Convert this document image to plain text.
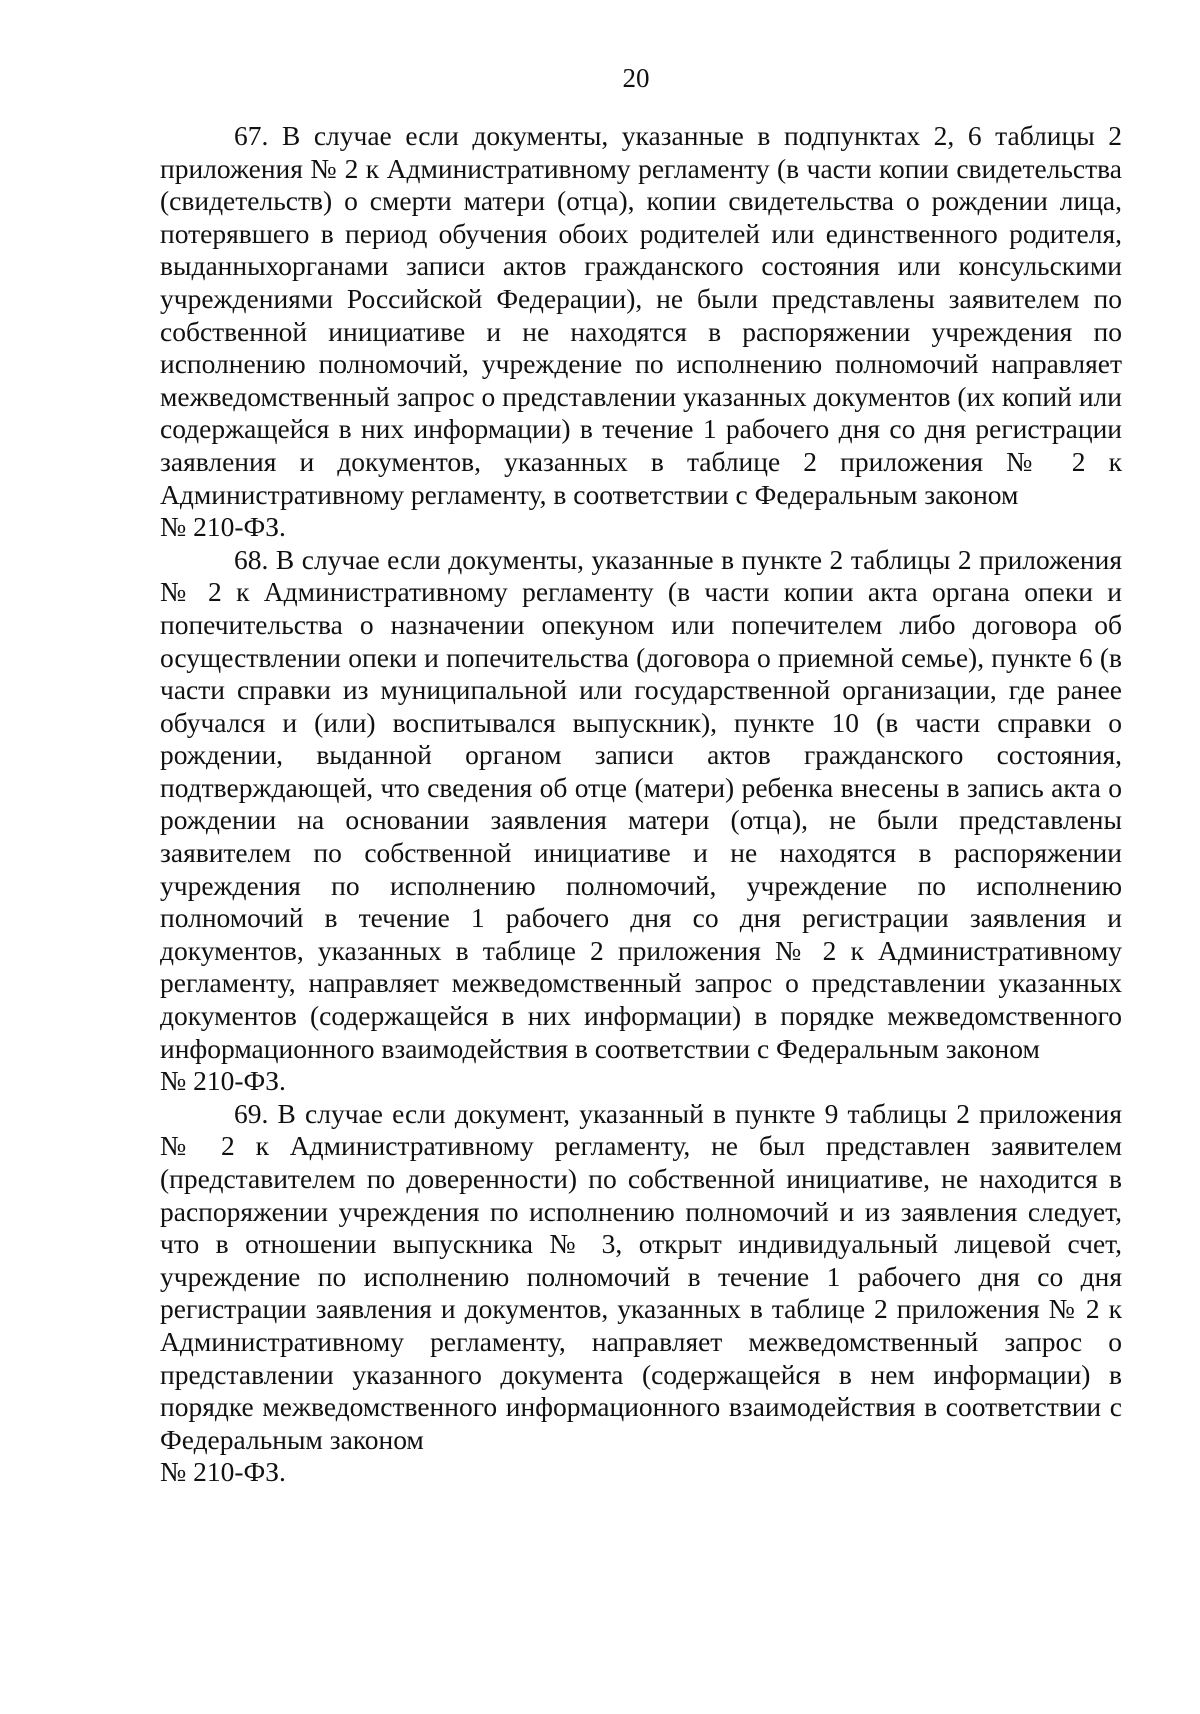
20

67. В случае если документы, указанные в подпунктах 2, 6 таблицы 2 приложения № 2 к Административному регламенту (в части копии свидетельства (свидетельств) о смерти матери (отца), копии свидетельства о рождении лица, потерявшего в период обучения обоих родителей или единственного родителя, выданныхорганами записи актов гражданского состояния или консульскими учреждениями Российской Федерации), не были представлены заявителем по собственной инициативе и не находятся в распоряжении учреждения по исполнению полномочий, учреждение по исполнению полномочий направляет межведомственный запрос о представлении указанных документов (их копий или содержащейся в них информации) в течение 1 рабочего дня со дня регистрации заявления и документов, указанных в таблице 2 приложения № 2 к Административному регламенту, в соответствии с Федеральным законом
№ 210-ФЗ.

68. В случае если документы, указанные в пункте 2 таблицы 2 приложения № 2 к Административному регламенту (в части копии акта органа опеки и попечительства о назначении опекуном или попечителем либо договора об осуществлении опеки и попечительства (договора о приемной семье), пункте 6 (в части справки из муниципальной или государственной организации, где ранее обучался и (или) воспитывался выпускник), пункте 10 (в части справки о рождении, выданной органом записи актов гражданского состояния, подтверждающей, что сведения об отце (матери) ребенка внесены в запись акта о рождении на основании заявления матери (отца), не были представлены заявителем по собственной инициативе и не находятся в распоряжении учреждения по исполнению полномочий, учреждение по исполнению полномочий в течение 1 рабочего дня со дня регистрации заявления и документов, указанных в таблице 2 приложения № 2 к Административному регламенту, направляет межведомственный запрос о представлении указанных документов (содержащейся в них информации) в порядке межведомственного информационного взаимодействия в соответствии с Федеральным законом
№ 210-ФЗ.

69. В случае если документ, указанный в пункте 9 таблицы 2 приложения № 2 к Административному регламенту, не был представлен заявителем (представителем по доверенности) по собственной инициативе, не находится в распоряжении учреждения по исполнению полномочий и из заявления следует, что в отношении выпускника № 3, открыт индивидуальный лицевой счет, учреждение по исполнению полномочий в течение 1 рабочего дня со дня регистрации заявления и документов, указанных в таблице 2 приложения № 2 к Административному регламенту, направляет межведомственный запрос о представлении указанного документа (содержащейся в нем информации) в порядке межведомственного информационного взаимодействия в соответствии с Федеральным законом
№ 210-ФЗ.
